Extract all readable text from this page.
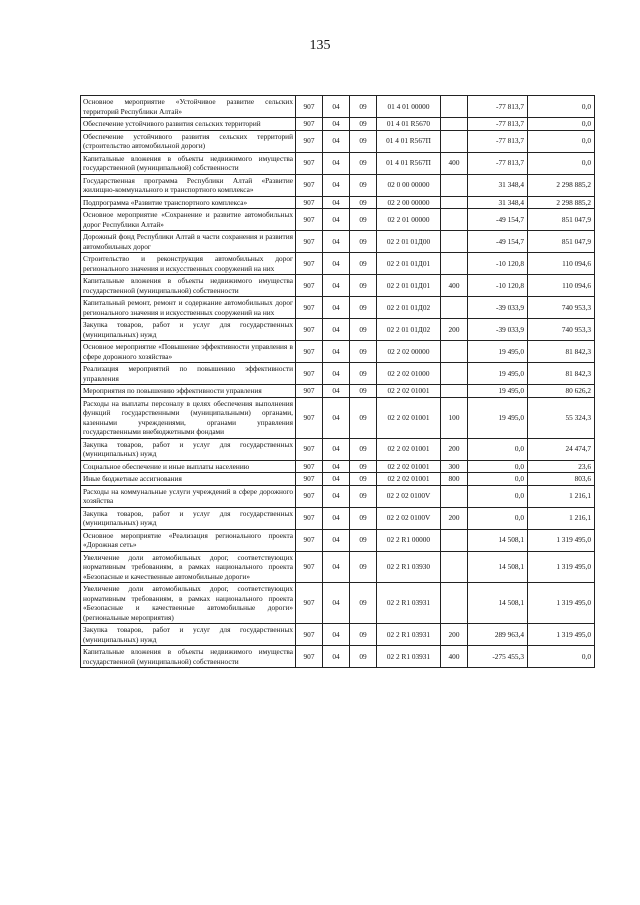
135
Основное мероприятие «Устойчивое развитие сельских территорий Республики Алтай»	907	04	09	01 4 01 00000		-77 813,7	0,0
Обеспечение устойчивого развития сельских территорий	907	04	09	01 4 01 R5670		-77 813,7	0,0
Обеспечение устойчивого развития сельских территорий (строительство автомобильной дороги)	907	04	09	01 4 01 R567П		-77 813,7	0,0
Капитальные вложения в объекты недвижимого имущества государственной (муниципальной) собственности	907	04	09	01 4 01 R567П	400	-77 813,7	0,0
Государственная программа Республики Алтай «Развитие жилищно-коммунального и транспортного комплекса»	907	04	09	02 0 00 00000		31 348,4	2 298 885,2
Подпрограмма «Развитие транспортного комплекса»	907	04	09	02 2 00 00000		31 348,4	2 298 885,2
Основное мероприятие «Сохранение и развитие автомобильных дорог Республики Алтай»	907	04	09	02 2 01 00000		-49 154,7	851 047,9
Дорожный фонд Республики Алтай в части сохранения и развития автомобильных дорог	907	04	09	02 2 01 01Д00		-49 154,7	851 047,9
Строительство и реконструкция автомобильных дорог регионального значения и искусственных сооружений на них	907	04	09	02 2 01 01Д01		-10 120,8	110 094,6
Капитальные вложения в объекты недвижимого имущества государственной (муниципальной) собственности	907	04	09	02 2 01 01Д01	400	-10 120,8	110 094,6
Капитальный ремонт, ремонт и содержание автомобильных дорог регионального значения и искусственных сооружений на них	907	04	09	02 2 01 01Д02		-39 033,9	740 953,3
Закупка товаров, работ и услуг для государственных (муниципальных) нужд	907	04	09	02 2 01 01Д02	200	-39 033,9	740 953,3
Основное мероприятие «Повышение эффективности управления в сфере дорожного хозяйства»	907	04	09	02 2 02 00000		19 495,0	81 842,3
Реализация мероприятий по повышению эффективности управления	907	04	09	02 2 02 01000		19 495,0	81 842,3
Мероприятия по повышению эффективности управления	907	04	09	02 2 02 01001		19 495,0	80 626,2
Расходы на выплаты персоналу в целях обеспечения выполнения функций государственными (муниципальными) органами, казенными учреждениями, органами управления государственными внебюджетными фондами	907	04	09	02 2 02 01001	100	19 495,0	55 324,3
Закупка товаров, работ и услуг для государственных (муниципальных) нужд	907	04	09	02 2 02 01001	200	0,0	24 474,7
Социальное обеспечение и иные выплаты населению	907	04	09	02 2 02 01001	300	0,0	23,6
Иные бюджетные ассигнования	907	04	09	02 2 02 01001	800	0,0	803,6
Расходы на коммунальные услуги учреждений в сфере дорожного хозяйства	907	04	09	02 2 02 0100V		0,0	1 216,1
Закупка товаров, работ и услуг для государственных (муниципальных) нужд	907	04	09	02 2 02 0100V	200	0,0	1 216,1
Основное мероприятие «Реализация регионального проекта «Дорожная сеть»	907	04	09	02 2 R1 00000		14 508,1	1 319 495,0
Увеличение доли автомобильных дорог, соответствующих нормативным требованиям, в рамках национального проекта «Безопасные и качественные автомобильные дороги»	907	04	09	02 2 R1 03930		14 508,1	1 319 495,0
Увеличение доли автомобильных дорог, соответствующих нормативным требованиям, в рамках национального проекта «Безопасные и качественные автомобильные дороги» (региональные мероприятия)	907	04	09	02 2 R1 03931		14 508,1	1 319 495,0
Закупка товаров, работ и услуг для государственных (муниципальных) нужд	907	04	09	02 2 R1 03931	200	289 963,4	1 319 495,0
Капитальные вложения в объекты недвижимого имущества государственной (муниципальной) собственности	907	04	09	02 2 R1 03931	400	-275 455,3	0,0
